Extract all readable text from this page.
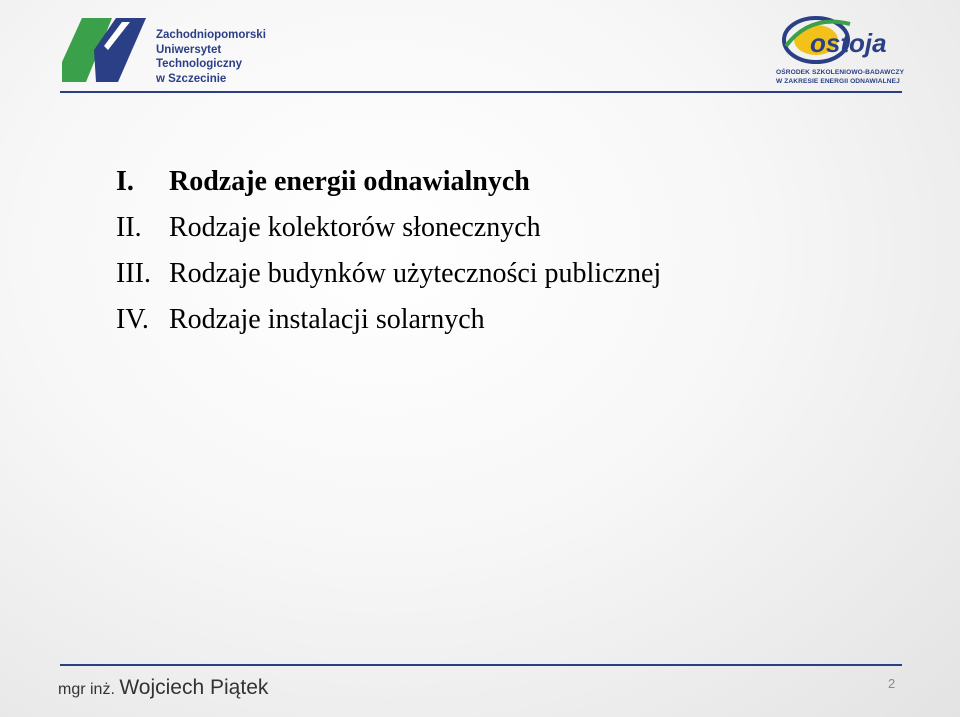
Zachodniopomorski
Uniwersytet
Technologiczny
w Szczecinie
ostoja
OŚRODEK SZKOLENIOWO-BADAWCZY
W ZAKRESIE ENERGII ODNAWIALNEJ
I. Rodzaje energii odnawialnych
II. Rodzaje kolektorów słonecznych
III. Rodzaje budynków użyteczności publicznej
IV. Rodzaje instalacji solarnych
mgr inż. Wojciech Piątek	2
